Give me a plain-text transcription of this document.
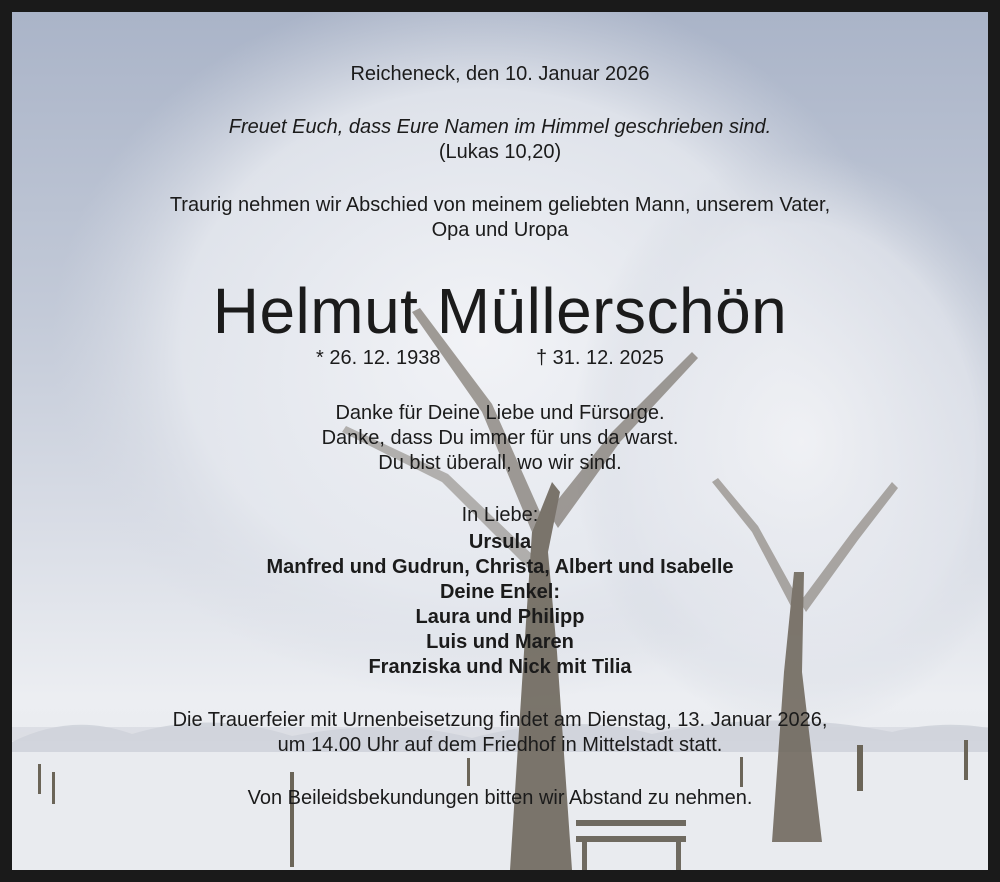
Reicheneck, den 10. Januar 2026
Freuet Euch, dass Eure Namen im Himmel geschrieben sind.
(Lukas 10,20)
Traurig nehmen wir Abschied von meinem geliebten Mann, unserem Vater,
Opa und Uropa
Helmut Müllerschön
* 26. 12. 1938	† 31. 12. 2025
Danke für Deine Liebe und Fürsorge.
Danke, dass Du immer für uns da warst.
Du bist überall, wo wir sind.
In Liebe:
Ursula
Manfred und Gudrun, Christa, Albert und Isabelle
Deine Enkel:
Laura und Philipp
Luis und Maren
Franziska und Nick mit Tilia
Die Trauerfeier mit Urnenbeisetzung findet am Dienstag, 13. Januar 2026,
um 14.00 Uhr auf dem Friedhof in Mittelstadt statt.
Von Beileidsbekundungen bitten wir Abstand zu nehmen.
